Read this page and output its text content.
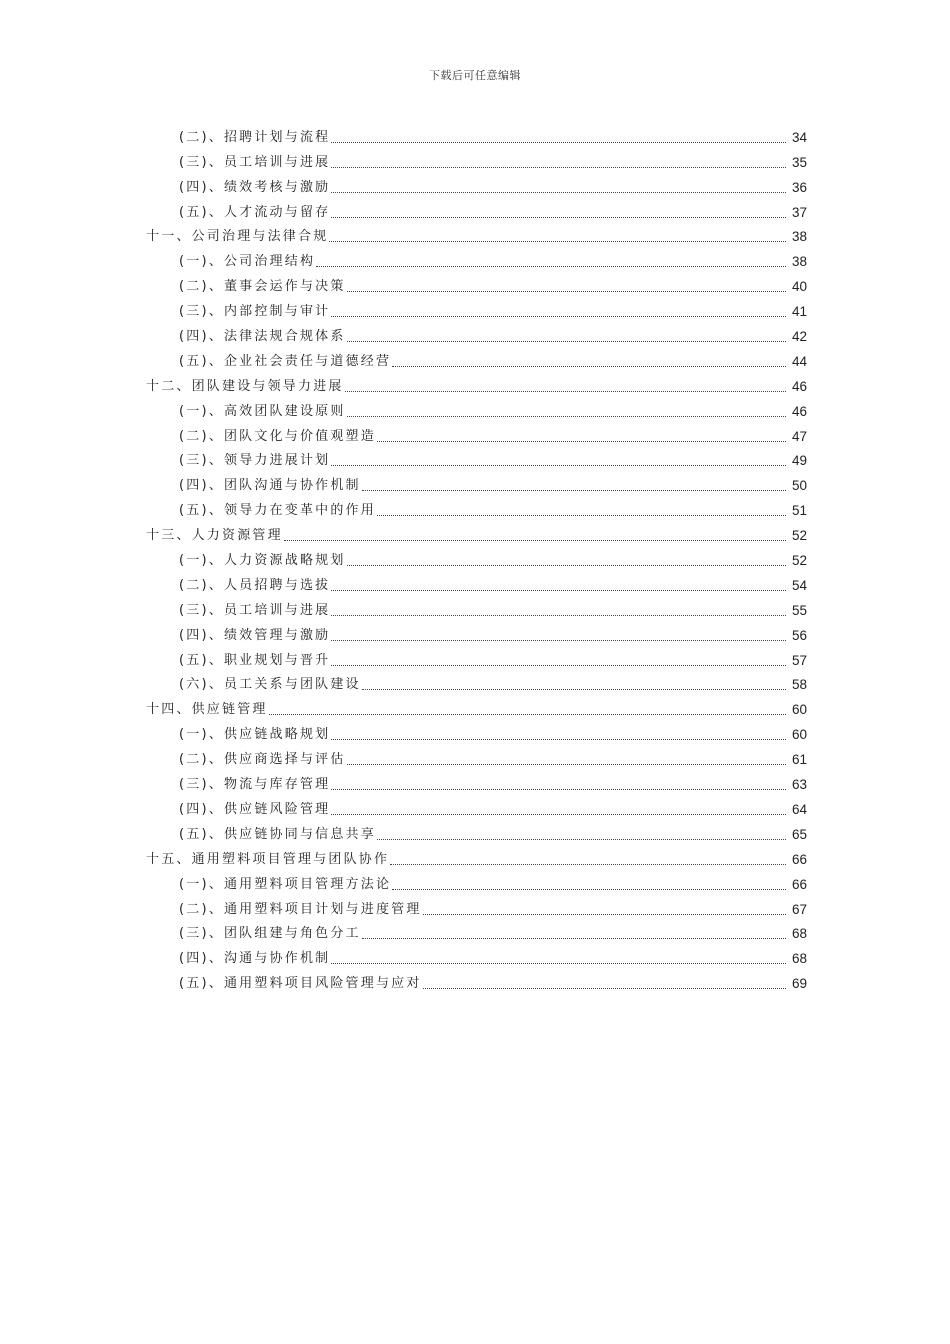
下载后可任意编辑
(二)、招聘计划与流程	34
(三)、员工培训与进展	35
(四)、绩效考核与激励	36
(五)、人才流动与留存	37
十一、公司治理与法律合规	38
(一)、公司治理结构	38
(二)、董事会运作与决策	40
(三)、内部控制与审计	41
(四)、法律法规合规体系	42
(五)、企业社会责任与道德经营	44
十二、团队建设与领导力进展	46
(一)、高效团队建设原则	46
(二)、团队文化与价值观塑造	47
(三)、领导力进展计划	49
(四)、团队沟通与协作机制	50
(五)、领导力在变革中的作用	51
十三、人力资源管理	52
(一)、人力资源战略规划	52
(二)、人员招聘与选拔	54
(三)、员工培训与进展	55
(四)、绩效管理与激励	56
(五)、职业规划与晋升	57
(六)、员工关系与团队建设	58
十四、供应链管理	60
(一)、供应链战略规划	60
(二)、供应商选择与评估	61
(三)、物流与库存管理	63
(四)、供应链风险管理	64
(五)、供应链协同与信息共享	65
十五、通用塑料项目管理与团队协作	66
(一)、通用塑料项目管理方法论	66
(二)、通用塑料项目计划与进度管理	67
(三)、团队组建与角色分工	68
(四)、沟通与协作机制	68
(五)、通用塑料项目风险管理与应对	69
